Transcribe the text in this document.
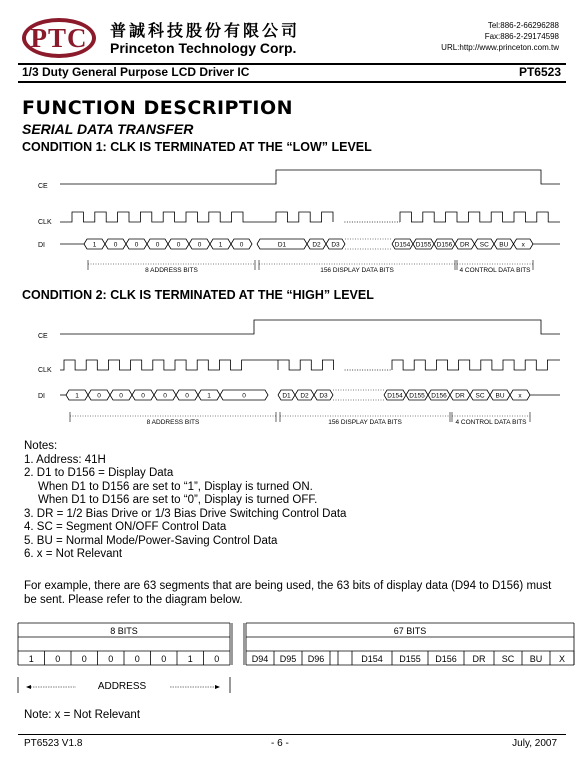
PTC 普誠科技股份有限公司
Princeton Technology Corp.
Tel:886-2-66296288
Fax:886-2-29174598
URL:http://www.princeton.com.tw
1/3 Duty General Purpose LCD Driver IC	PT6523
FUNCTION DESCRIPTION
SERIAL DATA TRANSFER
CONDITION 1: CLK IS TERMINATED AT THE “LOW” LEVEL
CONDITION 2: CLK IS TERMINATED AT THE “HIGH” LEVEL
CE
CLK
DI	1	0	0	0	0	0	1	0	D1	D2 D3	D154 D155 D156 DR SC BU x
8 ADDRESS BITS	156 DISPLAY DATA BITS	4 CONTROL DATA BITS
CE
CLK
DI	1	0	0	0	0	0	1	0	D1 D2 D3	D154 D155 D156 DR SC BU x
8 ADDRESS BITS	156 DISPLAY DATA BITS	4 CONTROL DATA BITS
Notes:
1. Address: 41H
2. D1 to D156 = Display Data
When D1 to D156 are set to “1”, Display is turned ON.
When D1 to D156 are set to “0”, Display is turned OFF.
3. DR = 1/2 Bias Drive or 1/3 Bias Drive Switching Control Data
4. SC = Segment ON/OFF Control Data
5. BU = Normal Mode/Power-Saving Control Data
6. x = Not Relevant
For example, there are 63 segments that are being used, the 63 bits of display data (D94 to D156) must be sent. Please refer to the diagram below.
8 BITS	67 BITS
1 0 0 0 0 0 1 0	D94 D95 D96	D154 D155 D156 DR SC BU X
ADDRESS
Note: x = Not Relevant
PT6523 V1.8	- 6 -	July, 2007
